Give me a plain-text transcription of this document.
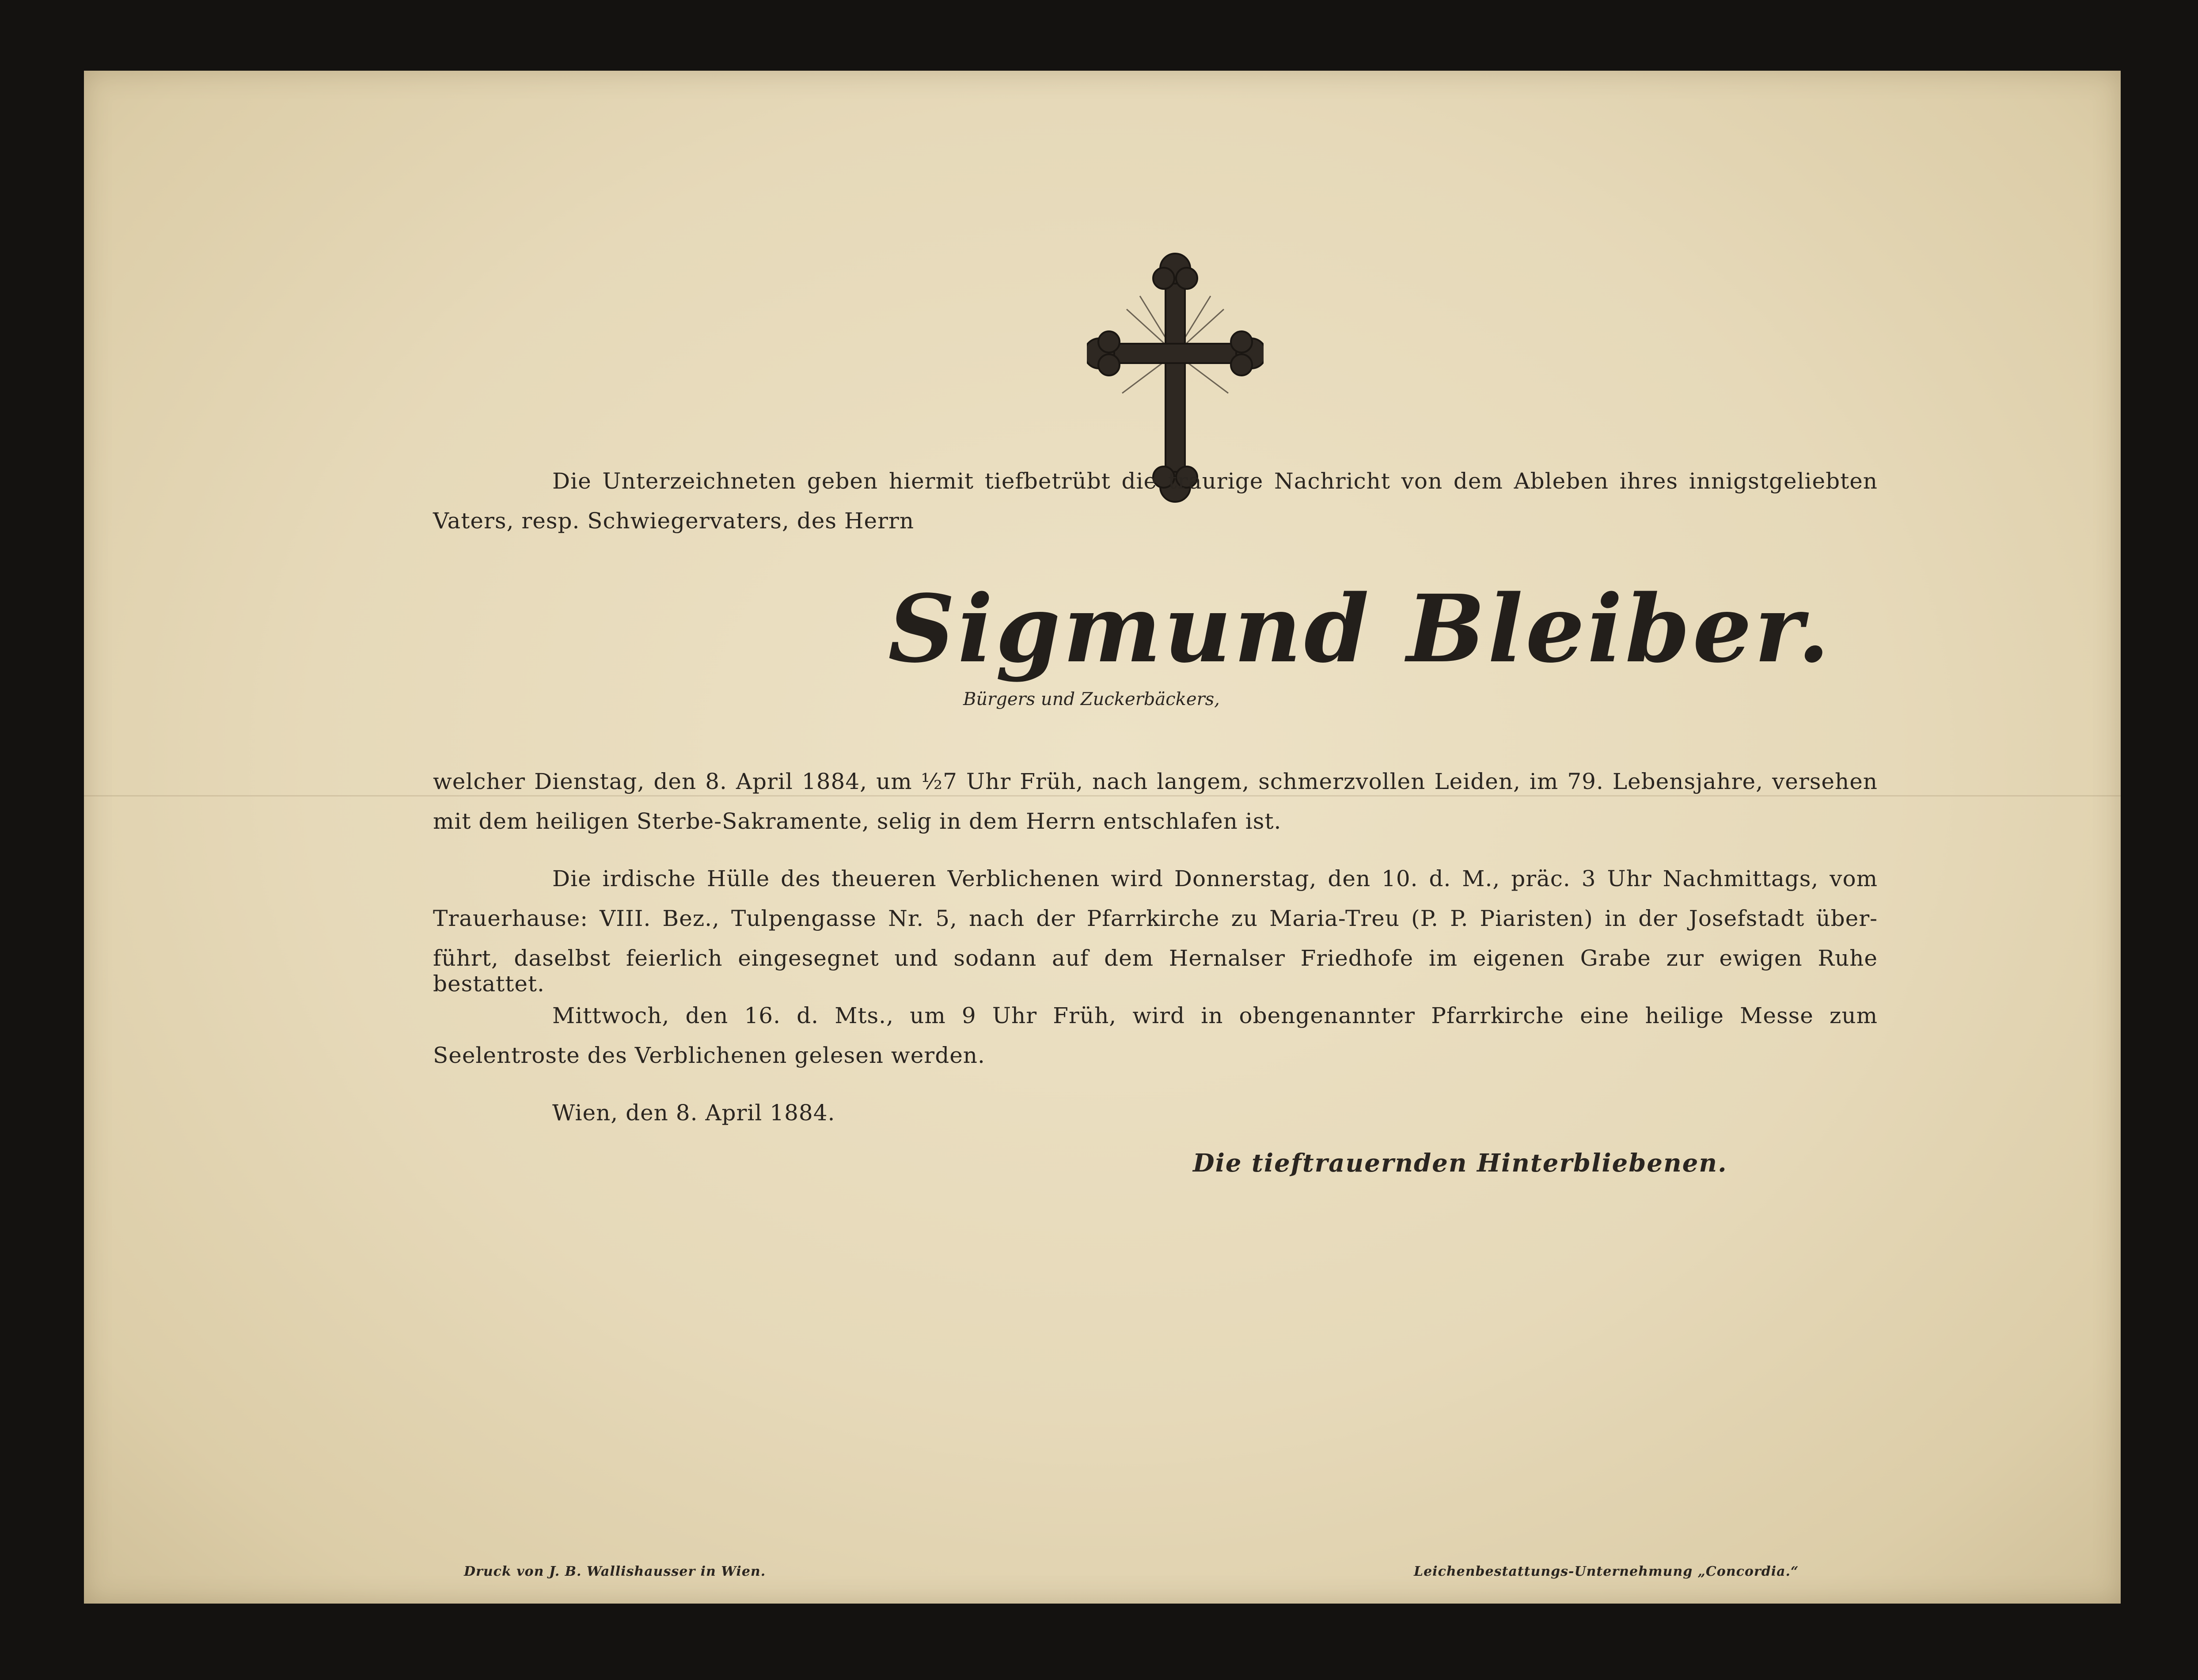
Die Unterzeichneten geben hiermit tiefbetrübt die traurige Nachricht von dem Ableben ihres innigstgeliebten
Vaters, resp. Schwiegervaters, des Herrn
Sigmund Bleiber.
Bürgers und Zuckerbäckers,
welcher Dienstag, den 8. April 1884, um ½7 Uhr Früh, nach langem, schmerzvollen Leiden, im 79. Lebensjahre, versehen
mit dem heiligen Sterbe-Sakramente, selig in dem Herrn entschlafen ist.
Die irdische Hülle des theueren Verblichenen wird Donnerstag, den 10. d. M., präc. 3 Uhr Nachmittags, vom
Trauerhause: VIII. Bez., Tulpengasse Nr. 5, nach der Pfarrkirche zu Maria-Treu (P. P. Piaristen) in der Josefstadt über-
führt, daselbst feierlich eingesegnet und sodann auf dem Hernalser Friedhofe im eigenen Grabe zur ewigen Ruhe bestattet.
Mittwoch, den 16. d. Mts., um 9 Uhr Früh, wird in obengenannter Pfarrkirche eine heilige Messe zum
Seelentroste des Verblichenen gelesen werden.
Wien, den 8. April 1884.
Die tieftrauernden Hinterbliebenen.
Druck von J. B. Wallishausser in Wien.	Leichenbestattungs-Unternehmung „Concordia.“
